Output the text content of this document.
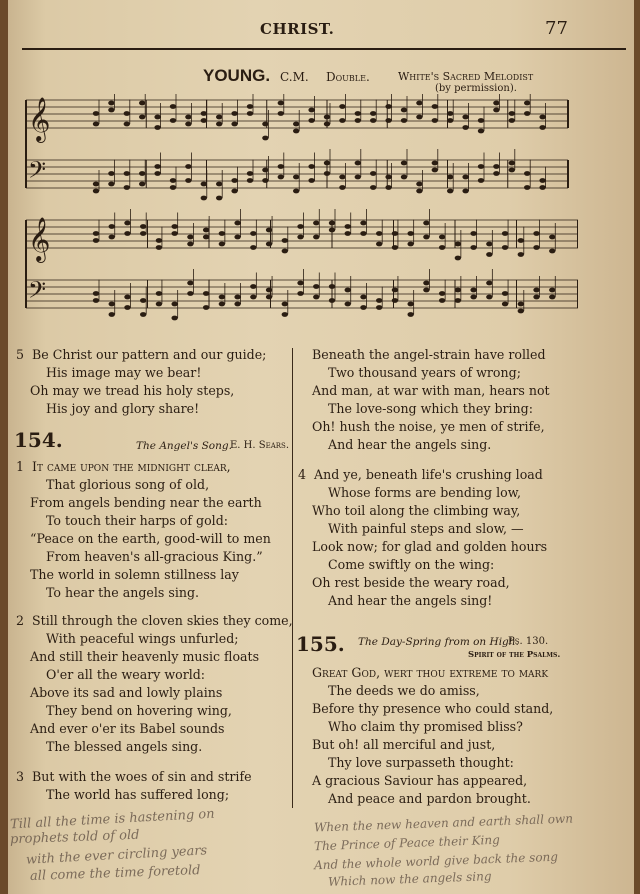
CHRIST.	77
YOUNG. C.M. Double.	White's Sacred Melodist
(by permission).
𝄞
𝄢
𝄞
𝄢
5 Be Christ our pattern and our guide;
His image may we bear!
Oh may we tread his holy steps,
His joy and glory share!
154.	The Angel's Song.
E. H. Sears.
1 It came upon the midnight clear,
That glorious song of old,
From angels bending near the earth
To touch their harps of gold:
“Peace on the earth, good-will to men
From heaven's all-gracious King.”
The world in solemn stillness lay
To hear the angels sing.
2 Still through the cloven skies they come,
With peaceful wings unfurled;
And still their heavenly music floats
O'er all the weary world:
Above its sad and lowly plains
They bend on hovering wing,
And ever o'er its Babel sounds
The blessed angels sing.
3 But with the woes of sin and strife
The world has suffered long;
Beneath the angel-strain have rolled
Two thousand years of wrong;
And man, at war with man, hears not
The love-song which they bring:
Oh! hush the noise, ye men of strife,
And hear the angels sing.
4 And ye, beneath life's crushing load
Whose forms are bending low,
Who toil along the climbing way,
With painful steps and slow, —
Look now; for glad and golden hours
Come swiftly on the wing:
Oh rest beside the weary road,
And hear the angels sing!
155. The Day-Spring from on High.
Ps. 130.
Spirit of the Psalms.
Great God, wert thou extreme to mark
The deeds we do amiss,
Before thy presence who could stand,
Who claim thy promised bliss?
But oh! all merciful and just,
Thy love surpasseth thought:
A gracious Saviour has appeared,
And peace and pardon brought.
Till all the time is hastening on
prophets told of old
with the ever circling years
all come the time foretold
When the new heaven and earth shall own
The Prince of Peace their King
And the whole world give back the song
Which now the angels sing
